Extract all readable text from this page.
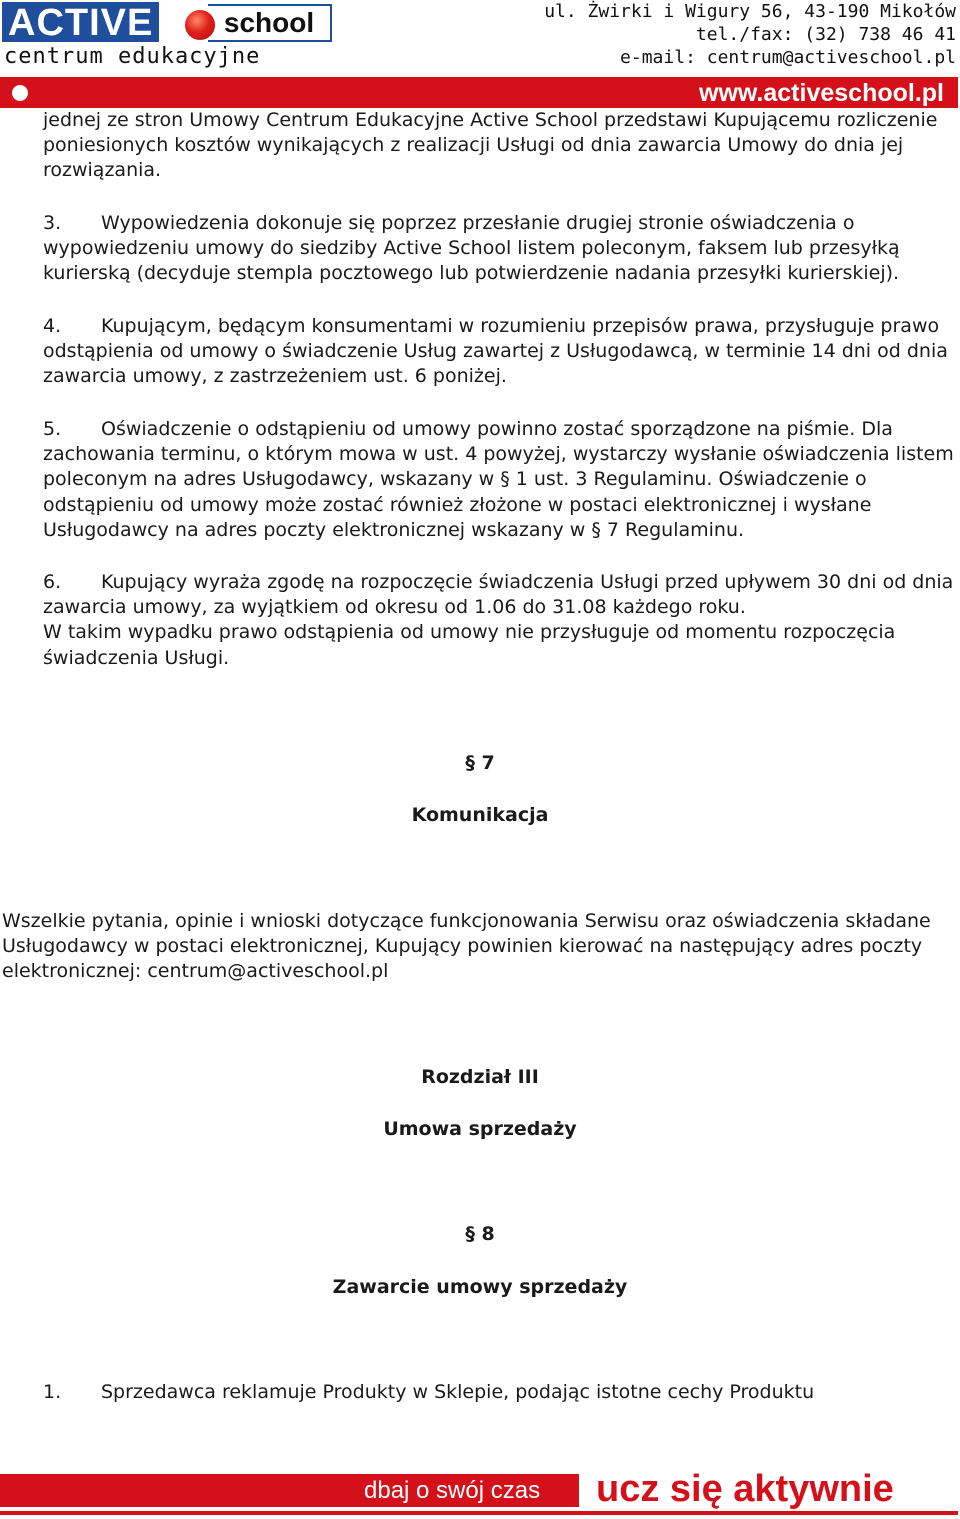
ACTIVE	school
centrum edukacyjne
ul. Żwirki i Wigury 56, 43-190 Mikołów
tel./fax: (32) 738 46 41
e-mail: centrum@activeschool.pl
www.activeschool.pl
jednej ze stron Umowy Centrum Edukacyjne Active School przedstawi Kupującemu rozliczenie poniesionych kosztów wynikających z realizacji Usługi od dnia zawarcia Umowy do dnia jej rozwiązania.
3. Wypowiedzenia dokonuje się poprzez przesłanie drugiej stronie oświadczenia o wypowiedzeniu umowy do siedziby Active School listem poleconym, faksem lub przesyłką kurierską (decyduje stempla pocztowego lub potwierdzenie nadania przesyłki kurierskiej).
4. Kupującym, będącym konsumentami w rozumieniu przepisów prawa, przysługuje prawo odstąpienia od umowy o świadczenie Usług zawartej z Usługodawcą, w terminie 14 dni od dnia zawarcia umowy, z zastrzeżeniem ust. 6 poniżej.
5. Oświadczenie o odstąpieniu od umowy powinno zostać sporządzone na piśmie. Dla zachowania terminu, o którym mowa w ust. 4 powyżej, wystarczy wysłanie oświadczenia listem poleconym na adres Usługodawcy, wskazany w § 1 ust. 3 Regulaminu. Oświadczenie o odstąpieniu od umowy może zostać również złożone w postaci elektronicznej i wysłane Usługodawcy na adres poczty elektronicznej wskazany w § 7 Regulaminu.
6. Kupujący wyraża zgodę na rozpoczęcie świadczenia Usługi przed upływem 30 dni od dnia zawarcia umowy, za wyjątkiem od okresu od 1.06 do 31.08 każdego roku.
W takim wypadku prawo odstąpienia od umowy nie przysługuje od momentu rozpoczęcia świadczenia Usługi.
§ 7
Komunikacja
Wszelkie pytania, opinie i wnioski dotyczące funkcjonowania Serwisu oraz oświadczenia składane Usługodawcy w postaci elektronicznej, Kupujący powinien kierować na następujący adres poczty elektronicznej: centrum@activeschool.pl
Rozdział III
Umowa sprzedaży
§ 8
Zawarcie umowy sprzedaży
1. Sprzedawca reklamuje Produkty w Sklepie, podając istotne cechy Produktu
dbaj o swój czas ucz się aktywnie
